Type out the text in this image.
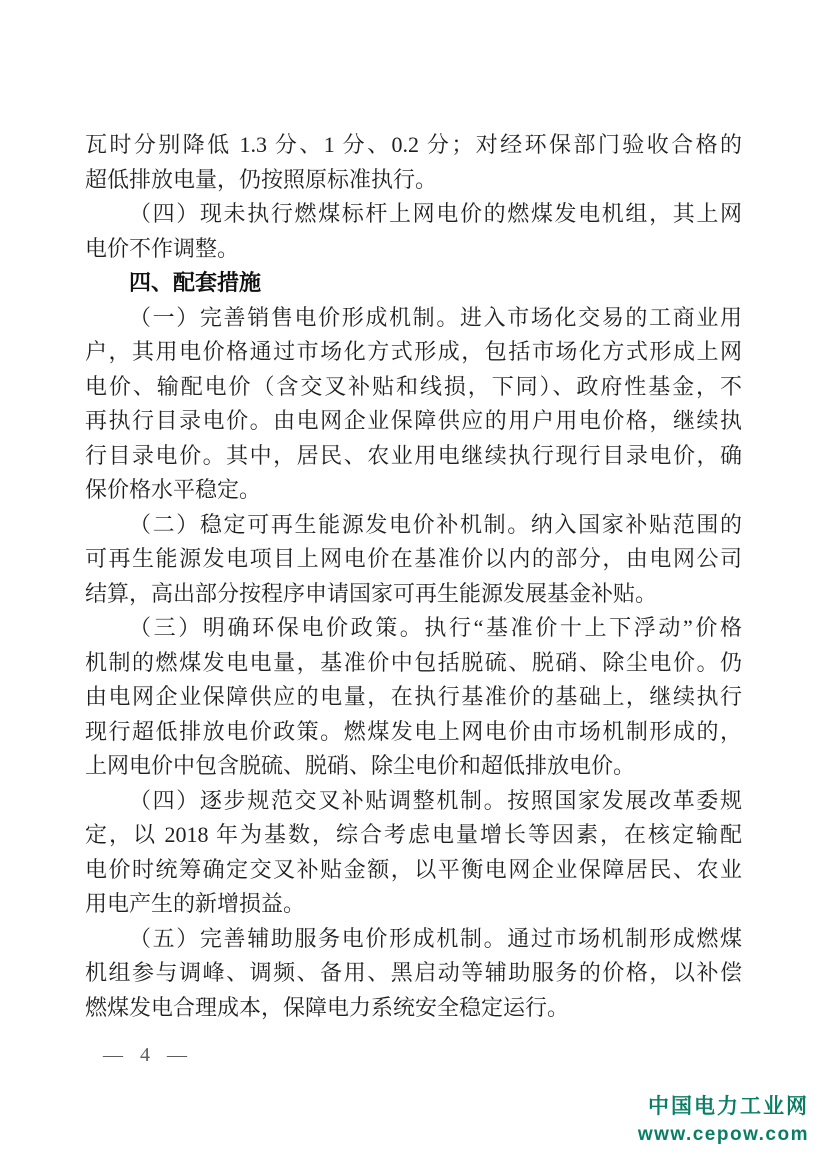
瓦时分别降低 1.3 分、1 分、0.2 分；对经环保部门验收合格的
超低排放电量，仍按照原标准执行。
（四）现未执行燃煤标杆上网电价的燃煤发电机组，其上网
电价不作调整。
四、配套措施
（一）完善销售电价形成机制。进入市场化交易的工商业用
户，其用电价格通过市场化方式形成，包括市场化方式形成上网
电价、输配电价（含交叉补贴和线损，下同）、政府性基金，不
再执行目录电价。由电网企业保障供应的用户用电价格，继续执
行目录电价。其中，居民、农业用电继续执行现行目录电价，确
保价格水平稳定。
（二）稳定可再生能源发电价补机制。纳入国家补贴范围的
可再生能源发电项目上网电价在基准价以内的部分，由电网公司
结算，高出部分按程序申请国家可再生能源发展基金补贴。
（三）明确环保电价政策。执行“基准价十上下浮动”价格
机制的燃煤发电电量，基准价中包括脱硫、脱硝、除尘电价。仍
由电网企业保障供应的电量，在执行基准价的基础上，继续执行
现行超低排放电价政策。燃煤发电上网电价由市场机制形成的，
上网电价中包含脱硫、脱硝、除尘电价和超低排放电价。
（四）逐步规范交叉补贴调整机制。按照国家发展改革委规
定，以 2018 年为基数，综合考虑电量增长等因素，在核定输配
电价时统筹确定交叉补贴金额，以平衡电网企业保障居民、农业
用电产生的新增损益。
（五）完善辅助服务电价形成机制。通过市场机制形成燃煤
机组参与调峰、调频、备用、黑启动等辅助服务的价格，以补偿
燃煤发电合理成本，保障电力系统安全稳定运行。
— 4 —
中国电力工业网
www.cepow.com
